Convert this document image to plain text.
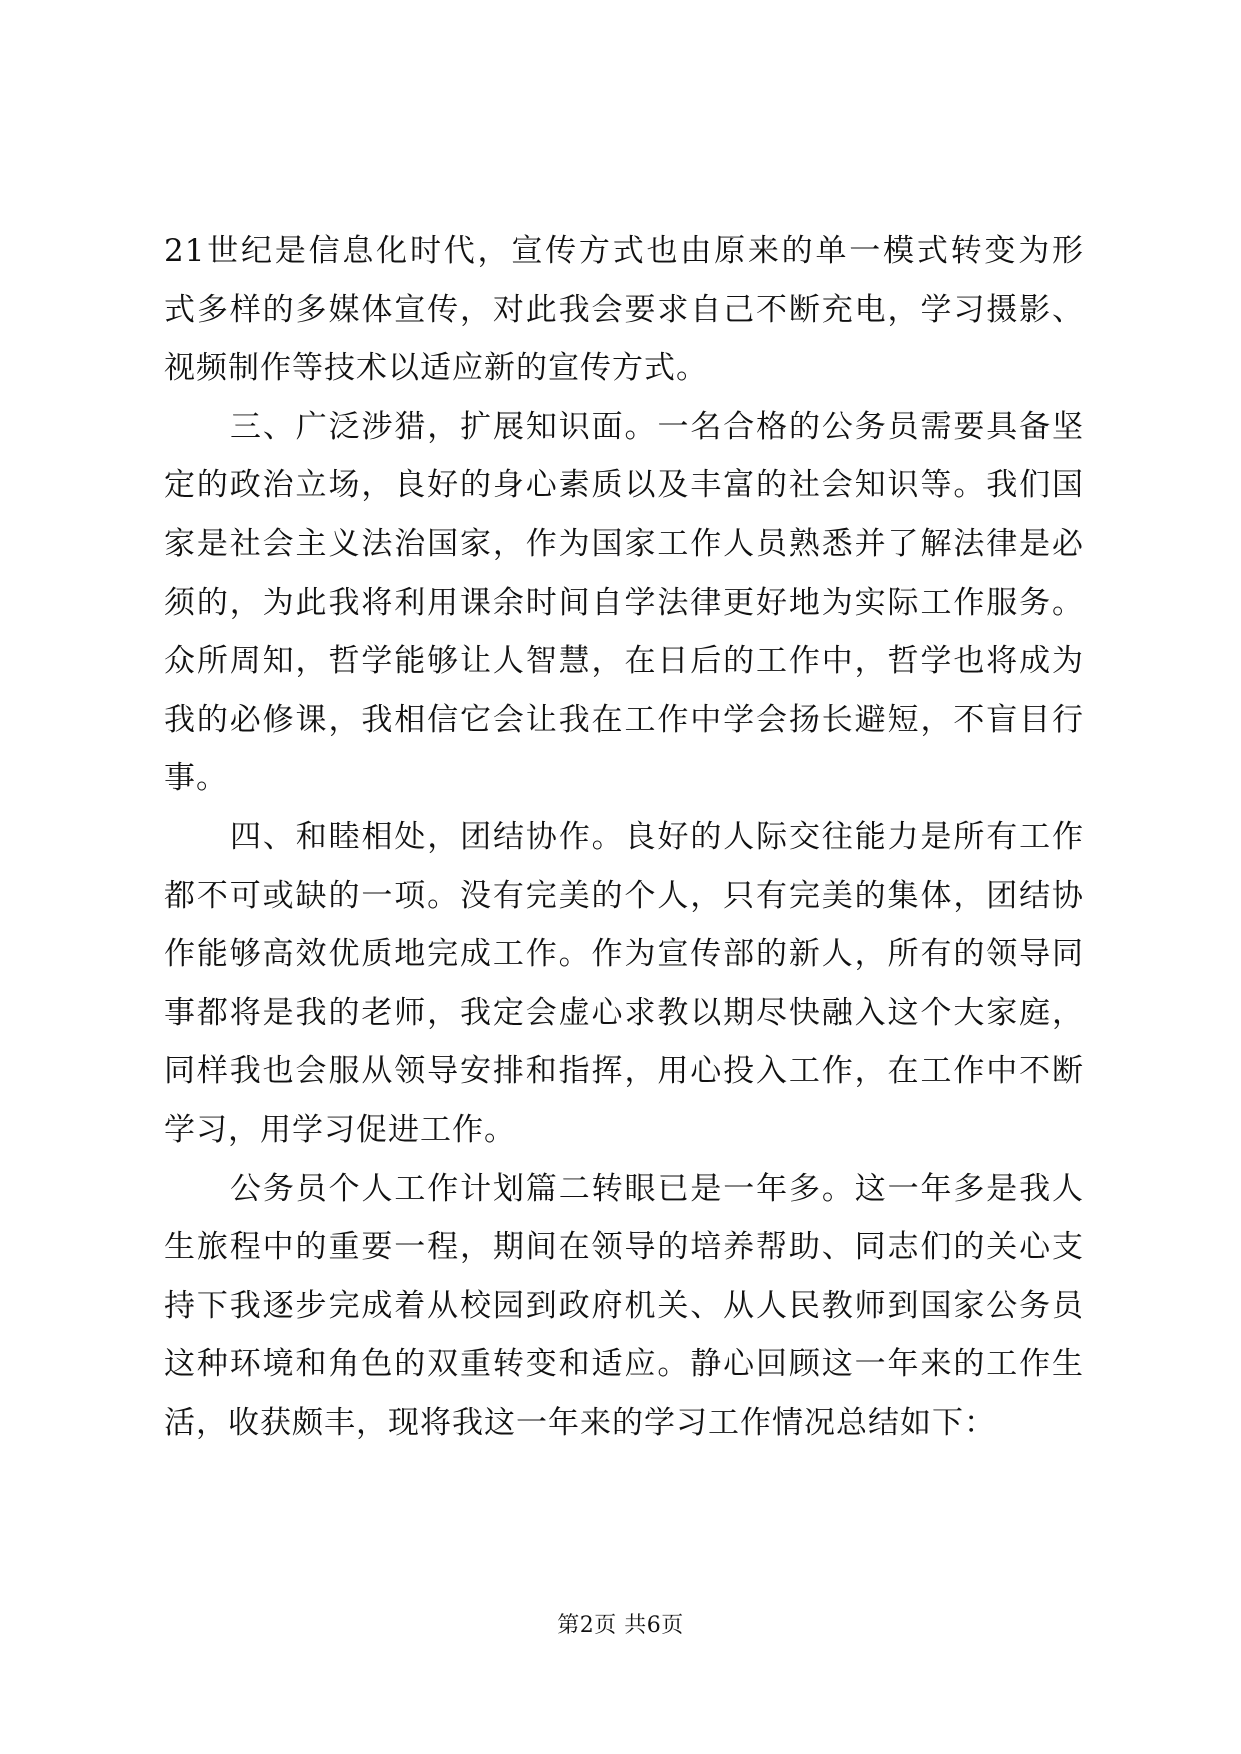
21世纪是信息化时代，宣传方式也由原来的单一模式转变为形
式多样的多媒体宣传，对此我会要求自己不断充电，学习摄影、
视频制作等技术以适应新的宣传方式。
三、广泛涉猎，扩展知识面。一名合格的公务员需要具备坚
定的政治立场，良好的身心素质以及丰富的社会知识等。我们国
家是社会主义法治国家，作为国家工作人员熟悉并了解法律是必
须的，为此我将利用课余时间自学法律更好地为实际工作服务。
众所周知，哲学能够让人智慧，在日后的工作中，哲学也将成为
我的必修课，我相信它会让我在工作中学会扬长避短，不盲目行
事。
四、和睦相处，团结协作。良好的人际交往能力是所有工作
都不可或缺的一项。没有完美的个人，只有完美的集体，团结协
作能够高效优质地完成工作。作为宣传部的新人，所有的领导同
事都将是我的老师，我定会虚心求教以期尽快融入这个大家庭，
同样我也会服从领导安排和指挥，用心投入工作，在工作中不断
学习，用学习促进工作。
公务员个人工作计划篇二转眼已是一年多。这一年多是我人
生旅程中的重要一程，期间在领导的培养帮助、同志们的关心支
持下我逐步完成着从校园到政府机关、从人民教师到国家公务员
这种环境和角色的双重转变和适应。静心回顾这一年来的工作生
活，收获颇丰，现将我这一年来的学习工作情况总结如下：
第2页 共6页
